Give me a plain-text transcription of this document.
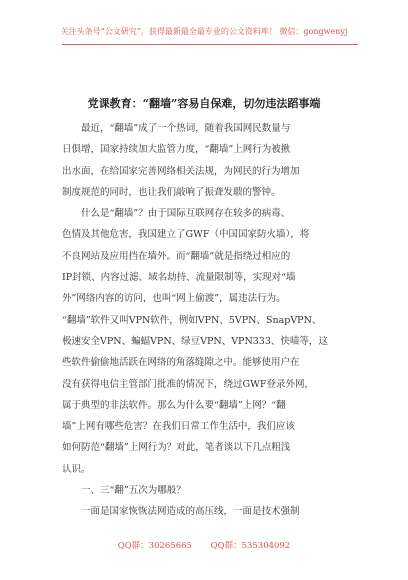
关注头条号“公文研究”，获得最新最全最专业的公文资料库！ 微信：gongwenyj
党课教育：“翻墙”容易自保难，切勿违法蹈事端
　　最近，“翻墙”成了一个热词，随着我国网民数量与
日俱增，国家持续加大监管力度，“翻墙”上网行为被揪
出水面，在给国家完善网络相关法规，为网民的行为增加
制度规范的同时，也让我们敲响了振聋发聩的警钟。
　　什么是“翻墙”？由于国际互联网存在较多的病毒、
色情及其他危害，我国建立了GWF（中国国家防火墙），将
不良网站及应用挡在墙外。而“翻墙”就是指绕过相应的
IP封锁、内容过滤、域名劫持、流量限制等，实现对“墙
外”网络内容的访问，也叫“网上偷渡”，属违法行为。
“翻墙”软件又叫VPN软件，例如VPN、5VPN、SnapVPN、
极速安全VPN、蝙蝠VPN、绿豆VPN、VPN333、快喵等，这
些软件偷偷地活跃在网络的角落缝隙之中。能够使用户在
没有获得电信主管部门批准的情况下，绕过GWF登录外网，
属于典型的非法软件。那么为什么要“翻墙”上网？“翻
墙”上网有哪些危害？在我们日常工作生活中，我们应该
如何防范“翻墙”上网行为？对此，笔者谈以下几点粗浅
认识。
　　一、三“翻”五次为哪般？
　　一面是国家恢恢法网造成的高压线，一面是技术强制
QQ群：30265665 QQ群：535304092
